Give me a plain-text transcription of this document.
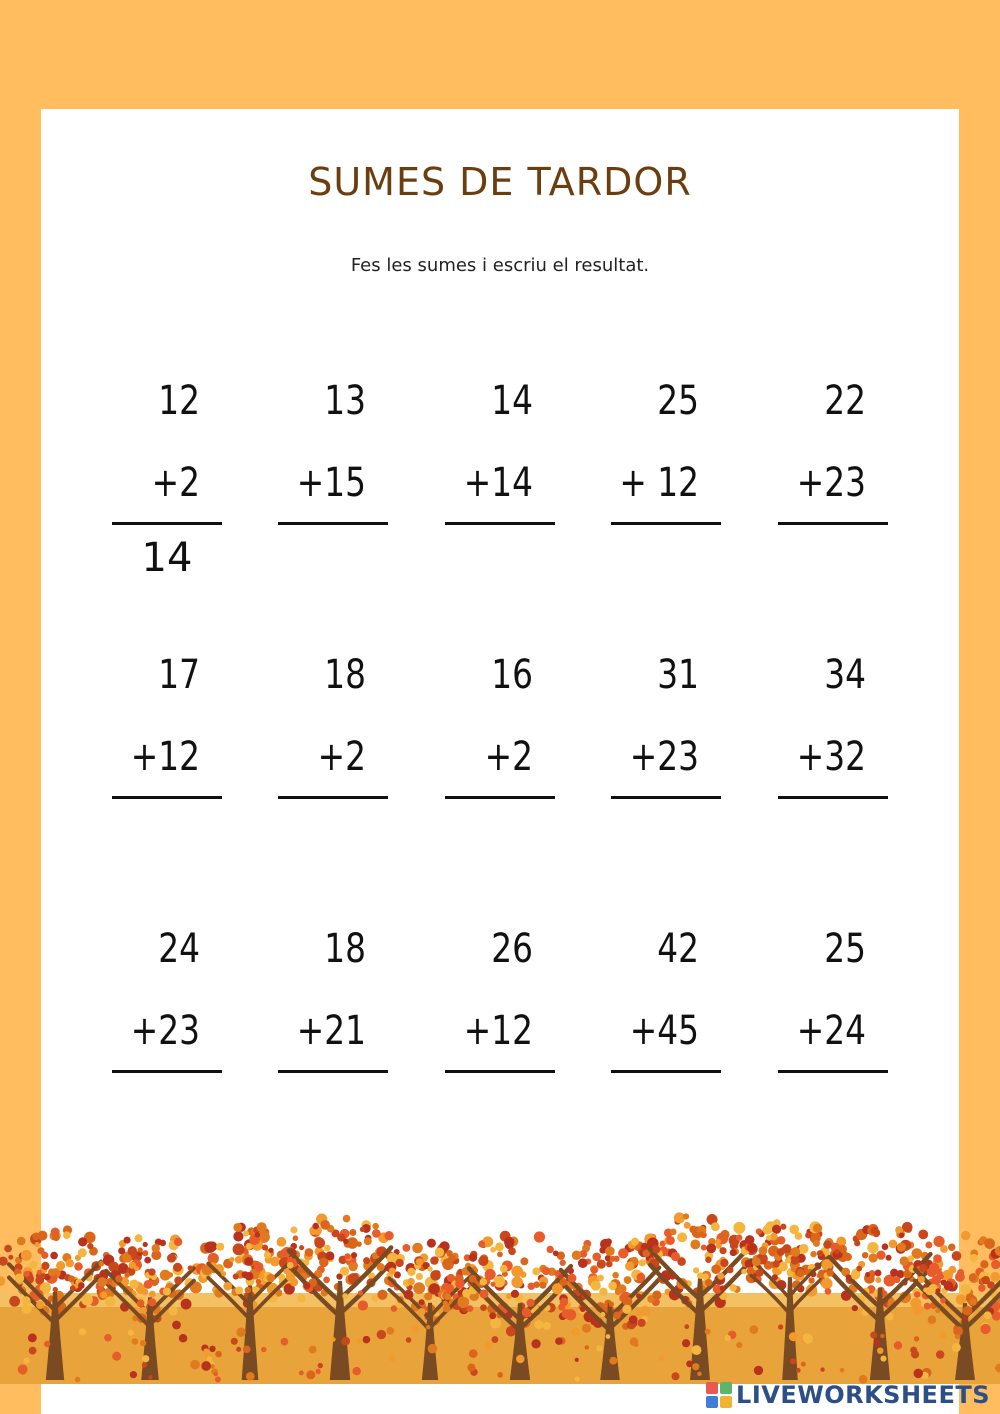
SUMES DE TARDOR
Fes les sumes i escriu el resultat.
12
+2
14
13
+15
14
+14
25
+ 12
22
+23
17
+12
18
+2
16
+2
31
+23
34
+32
24
+23
18
+21
26
+12
42
+45
25
+24
LIVEWORKSHEETS
